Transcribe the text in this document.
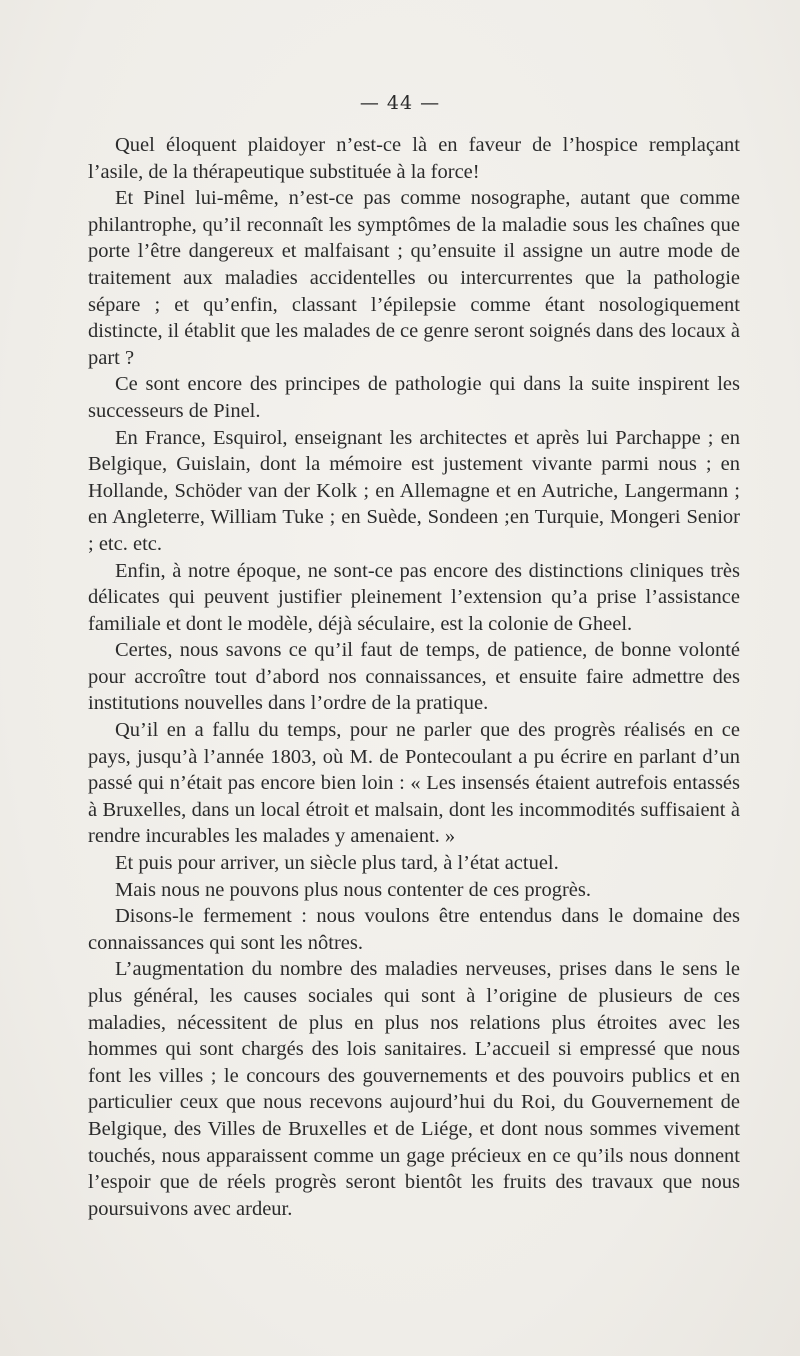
— 44 —

Quel éloquent plaidoyer n’est-ce là en faveur de l’hospice remplaçant l’asile, de la thérapeutique substituée à la force!

Et Pinel lui-même, n’est-ce pas comme nosographe, autant que comme philantrophe, qu’il reconnaît les symptômes de la maladie sous les chaînes que porte l’être dangereux et malfaisant ; qu’ensuite il assigne un autre mode de traitement aux maladies accidentelles ou intercurrentes que la pathologie sépare ; et qu’enfin, classant l’épilepsie comme étant nosologiquement distincte, il établit que les malades de ce genre seront soignés dans des locaux à part ?

Ce sont encore des principes de pathologie qui dans la suite inspirent les successeurs de Pinel.

En France, Esquirol, enseignant les architectes et après lui Parchappe ; en Belgique, Guislain, dont la mémoire est justement vivante parmi nous ; en Hollande, Schöder van der Kolk ; en Allemagne et en Autriche, Langermann ; en Angleterre, William Tuke ; en Suède, Sondeen ;en Turquie, Mongeri Senior ; etc. etc.

Enfin, à notre époque, ne sont-ce pas encore des distinctions cliniques très délicates qui peuvent justifier pleinement l’extension qu’a prise l’assistance familiale et dont le modèle, déjà séculaire, est la colonie de Gheel.

Certes, nous savons ce qu’il faut de temps, de patience, de bonne volonté pour accroître tout d’abord nos connaissances, et ensuite faire admettre des institutions nouvelles dans l’ordre de la pratique.

Qu’il en a fallu du temps, pour ne parler que des progrès réalisés en ce pays, jusqu’à l’année 1803, où M. de Pontecoulant a pu écrire en parlant d’un passé qui n’était pas encore bien loin : « Les insensés étaient autrefois entassés à Bruxelles, dans un local étroit et malsain, dont les incommodités suffisaient à rendre incurables les malades y amenaient. »

Et puis pour arriver, un siècle plus tard, à l’état actuel.

Mais nous ne pouvons plus nous contenter de ces progrès.

Disons-le fermement : nous voulons être entendus dans le domaine des connaissances qui sont les nôtres.

L’augmentation du nombre des maladies nerveuses, prises dans le sens le plus général, les causes sociales qui sont à l’origine de plusieurs de ces maladies, nécessitent de plus en plus nos relations plus étroites avec les hommes qui sont chargés des lois sanitaires. L’accueil si empressé que nous font les villes ; le concours des gouvernements et des pouvoirs publics et en particulier ceux que nous recevons aujourd’hui du Roi, du Gouvernement de Belgique, des Villes de Bruxelles et de Liége, et dont nous sommes vivement touchés, nous apparaissent comme un gage précieux en ce qu’ils nous donnent l’espoir que de réels progrès seront bientôt les fruits des travaux que nous poursuivons avec ardeur.
